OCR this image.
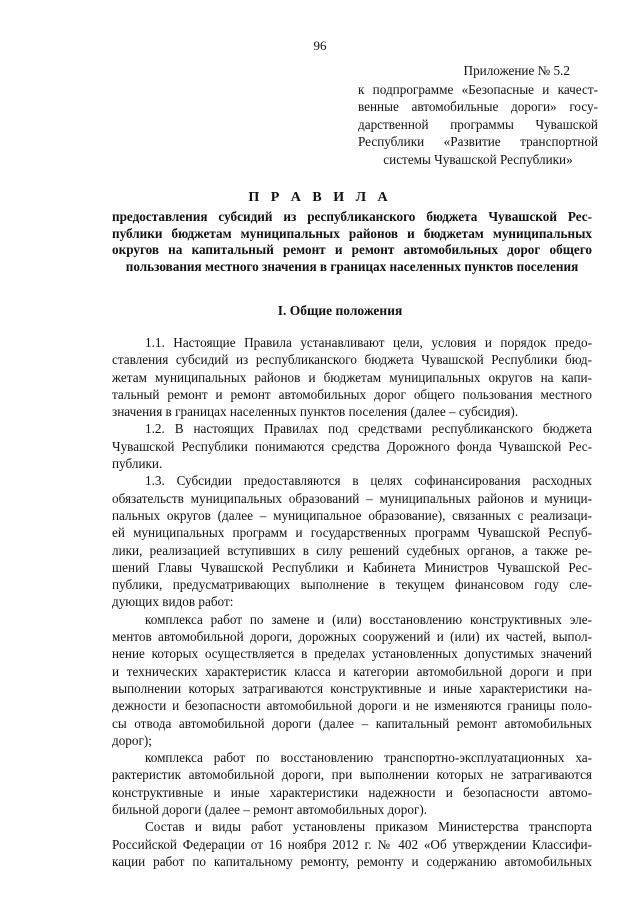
96
Приложение № 5.2
к подпрограмме «Безопасные и качест-
венные автомобильные дороги» госу-
дарственной программы Чувашской
Республики «Развитие транспортной
системы Чувашской Республики»
П Р А В И Л А
предоставления субсидий из республиканского бюджета Чувашской Рес-
публики бюджетам муниципальных районов и бюджетам муниципальных
округов на капитальный ремонт и ремонт автомобильных дорог общего
пользования местного значения в границах населенных пунктов поселения
I. Общие положения
1.1. Настоящие Правила устанавливают цели, условия и порядок предо-
ставления субсидий из республиканского бюджета Чувашской Республики бюд-
жетам муниципальных районов и бюджетам муниципальных округов на капи-
тальный ремонт и ремонт автомобильных дорог общего пользования местного
значения в границах населенных пунктов поселения (далее – субсидия).
1.2. В настоящих Правилах под средствами республиканского бюджета
Чувашской Республики понимаются средства Дорожного фонда Чувашской Рес-
публики.
1.3. Субсидии предоставляются в целях софинансирования расходных
обязательств муниципальных образований – муниципальных районов и муници-
пальных округов (далее – муниципальное образование), связанных с реализаци-
ей муниципальных программ и государственных программ Чувашской Респуб-
лики, реализацией вступивших в силу решений судебных органов, а также ре-
шений Главы Чувашской Республики и Кабинета Министров Чувашской Рес-
публики, предусматривающих выполнение в текущем финансовом году сле-
дующих видов работ:
комплекса работ по замене и (или) восстановлению конструктивных эле-
ментов автомобильной дороги, дорожных сооружений и (или) их частей, выпол-
нение которых осуществляется в пределах установленных допустимых значений
и технических характеристик класса и категории автомобильной дороги и при
выполнении которых затрагиваются конструктивные и иные характеристики на-
дежности и безопасности автомобильной дороги и не изменяются границы поло-
сы отвода автомобильной дороги (далее – капитальный ремонт автомобильных
дорог);
комплекса работ по восстановлению транспортно-эксплуатационных ха-
рактеристик автомобильной дороги, при выполнении которых не затрагиваются
конструктивные и иные характеристики надежности и безопасности автомо-
бильной дороги (далее – ремонт автомобильных дорог).
Состав и виды работ установлены приказом Министерства транспорта
Российской Федерации от 16 ноября 2012 г. № 402 «Об утверждении Классифи-
кации работ по капитальному ремонту, ремонту и содержанию автомобильных
